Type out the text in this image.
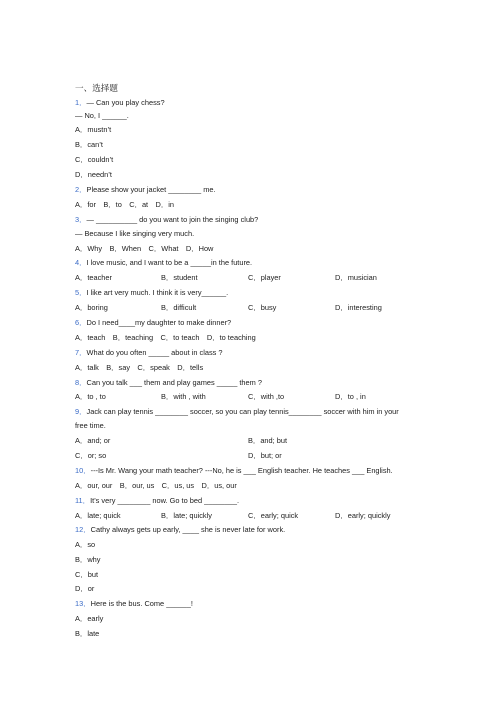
一、选择题
1．— Can you play chess?
— No, I ______.
A．mustn’t
B．can’t
C．couldn’t
D．needn’t
2．Please show your jacket ________ me.
A．for　B．to　C．at　D．in
3．— __________ do you want to join the singing club?
— Because I like singing very much.
A．Why　B．When　C．What　D．How
4．I love music, and I want to be a _____in the future.
A．teacher	B．student	C．player	D．musician
5．I like art very much. I think it is very______.
A．boring	B．difficult	C．busy	D．interesting
6．Do I need____my daughter to make dinner?
A．teach　B．teaching　C．to teach　D．to teaching
7．What do you often _____ about in class ?
A．talk　B．say　C．speak　D．tells
8．Can you talk ___ them and play games _____ them ?
A．to , to	B．with , with	C．with ,to	D．to , in
9．Jack can play tennis ________ soccer, so you can play tennis________ soccer with him in your
free time.
A．and; or	B．and; but
C．or; so	D．but; or
10．---Is Mr. Wang your math teacher? ---No, he is ___ English teacher. He teaches ___ English.
A．our, our　B．our, us　C．us, us　D．us, our
11．It’s very ________ now. Go to bed ________.
A．late; quick	B．late; quickly	C．early; quick	D．early; quickly
12．Cathy always gets up early, ____ she is never late for work.
A．so
B．why
C．but
D．or
13．Here is the bus. Come ______!
A．early
B．late
